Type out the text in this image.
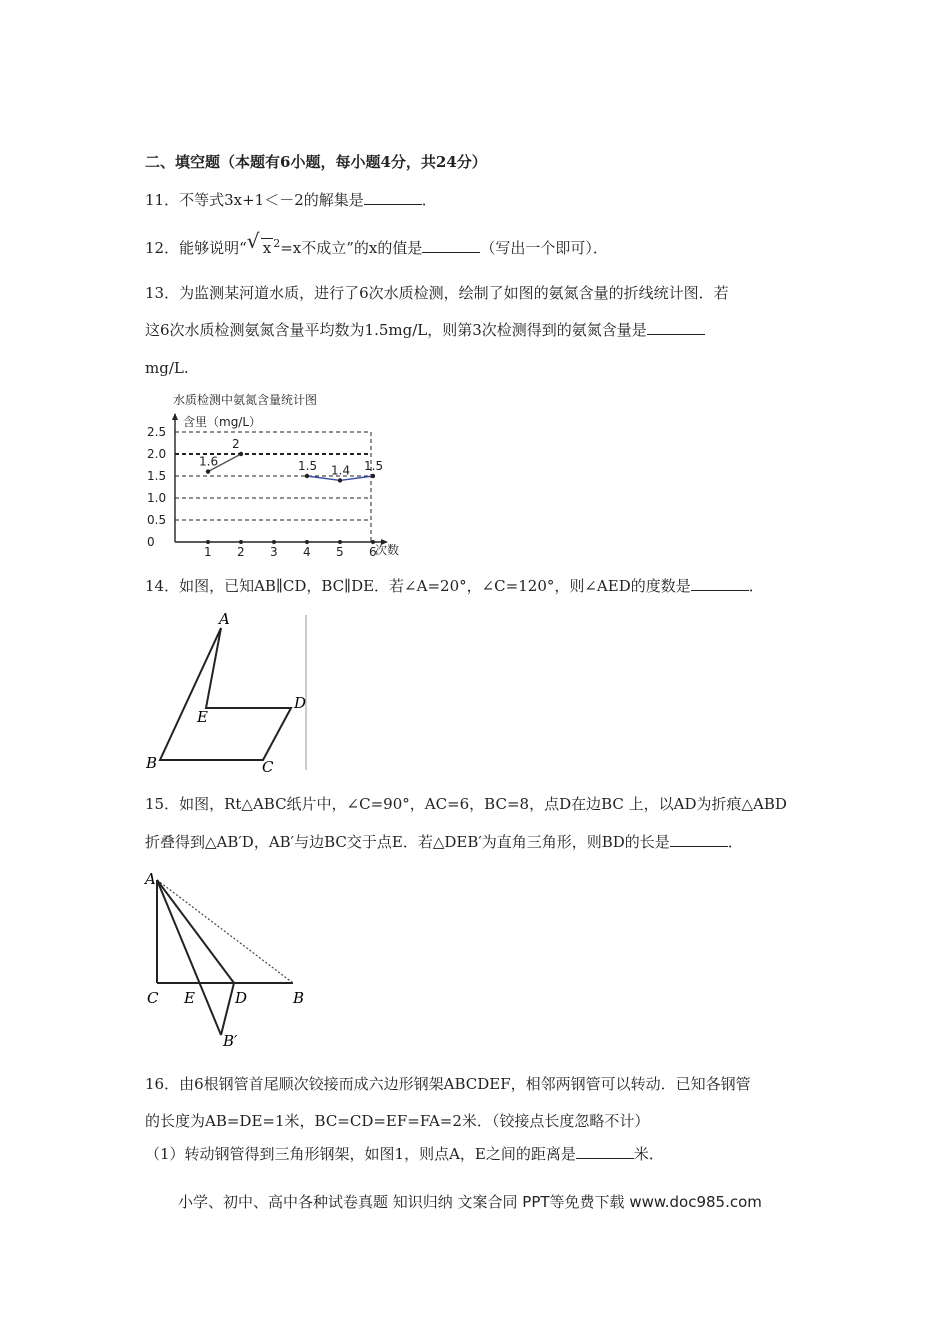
二、填空题（本题有6小题，每小题4分，共24分）
11．不等式3x+1＜－2的解集是	．
12．能够说明“ √ x $^2$=x不成立”的x的值是	（写出一个即可）．
13．为监测某河道水质，进行了6次水质检测，绘制了如图的氨氮含量的折线统计图．若
这6次水质检测氨氮含量平均数为1.5mg/L，则第3次检测得到的氨氮含量是
mg/L.
水质检测中氨氮含量统计图
含里（mg/L）
次数
0
0.5
1.0
1.5
2.0
2.5
1 2 3 4 5 6
1.6
2
1.5 1.4 1.5
14．如图，已知AB∥CD，BC∥DE．若∠A=20°，∠C=120°，则∠AED的度数是	．
A
E
D
B	C
15．如图，Rt△ABC纸片中，∠C=90°，AC=6，BC=8，点D在边BC 上，以AD为折痕△ABD
折叠得到△AB′D，AB′与边BC交于点E．若△DEB′为直角三角形，则BD的长是	．
A
C E	D	B
B′
16．由6根钢管首尾顺次铰接而成六边形钢架ABCDEF，相邻两钢管可以转动．已知各钢管
的长度为AB=DE=1米，BC=CD=EF=FA=2米．（铰接点长度忽略不计）
（1）转动钢管得到三角形钢架，如图1，则点A，E之间的距离是	米．
小学、初中、高中各种试卷真题 知识归纳 文案合同 PPT等免费下载 www.doc985.com
